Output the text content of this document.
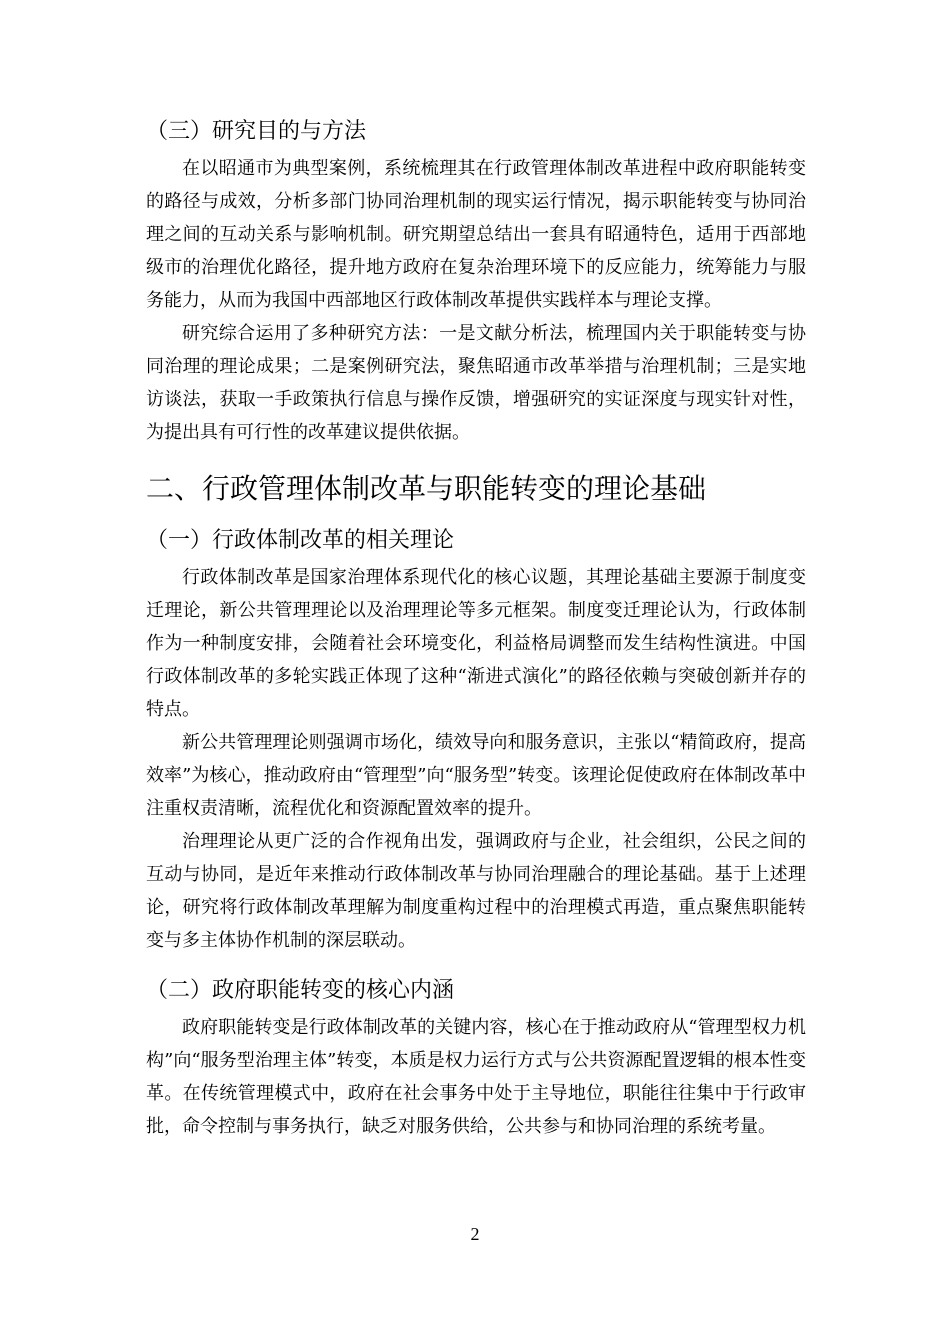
（三）研究目的与方法

在以昭通市为典型案例，系统梳理其在行政管理体制改革进程中政府职能转变的路径与成效，分析多部门协同治理机制的现实运行情况，揭示职能转变与协同治理之间的互动关系与影响机制。研究期望总结出一套具有昭通特色，适用于西部地级市的治理优化路径，提升地方政府在复杂治理环境下的反应能力，统筹能力与服务能力，从而为我国中西部地区行政体制改革提供实践样本与理论支撑。

研究综合运用了多种研究方法：一是文献分析法，梳理国内关于职能转变与协同治理的理论成果；二是案例研究法，聚焦昭通市改革举措与治理机制；三是实地访谈法，获取一手政策执行信息与操作反馈，增强研究的实证深度与现实针对性，为提出具有可行性的改革建议提供依据。

二、行政管理体制改革与职能转变的理论基础
（一）行政体制改革的相关理论

行政体制改革是国家治理体系现代化的核心议题，其理论基础主要源于制度变迁理论，新公共管理理论以及治理理论等多元框架。制度变迁理论认为，行政体制作为一种制度安排，会随着社会环境变化，利益格局调整而发生结构性演进。中国行政体制改革的多轮实践正体现了这种“渐进式演化”的路径依赖与突破创新并存的特点。

新公共管理理论则强调市场化，绩效导向和服务意识，主张以“精简政府，提高效率”为核心，推动政府由“管理型”向“服务型”转变。该理论促使政府在体制改革中注重权责清晰，流程优化和资源配置效率的提升。

治理理论从更广泛的合作视角出发，强调政府与企业，社会组织，公民之间的互动与协同，是近年来推动行政体制改革与协同治理融合的理论基础。基于上述理论，研究将行政体制改革理解为制度重构过程中的治理模式再造，重点聚焦职能转变与多主体协作机制的深层联动。

（二）政府职能转变的核心内涵

政府职能转变是行政体制改革的关键内容，核心在于推动政府从“管理型权力机构”向“服务型治理主体”转变，本质是权力运行方式与公共资源配置逻辑的根本性变革。在传统管理模式中，政府在社会事务中处于主导地位，职能往往集中于行政审批，命令控制与事务执行，缺乏对服务供给，公共参与和协同治理的系统考量。

2
